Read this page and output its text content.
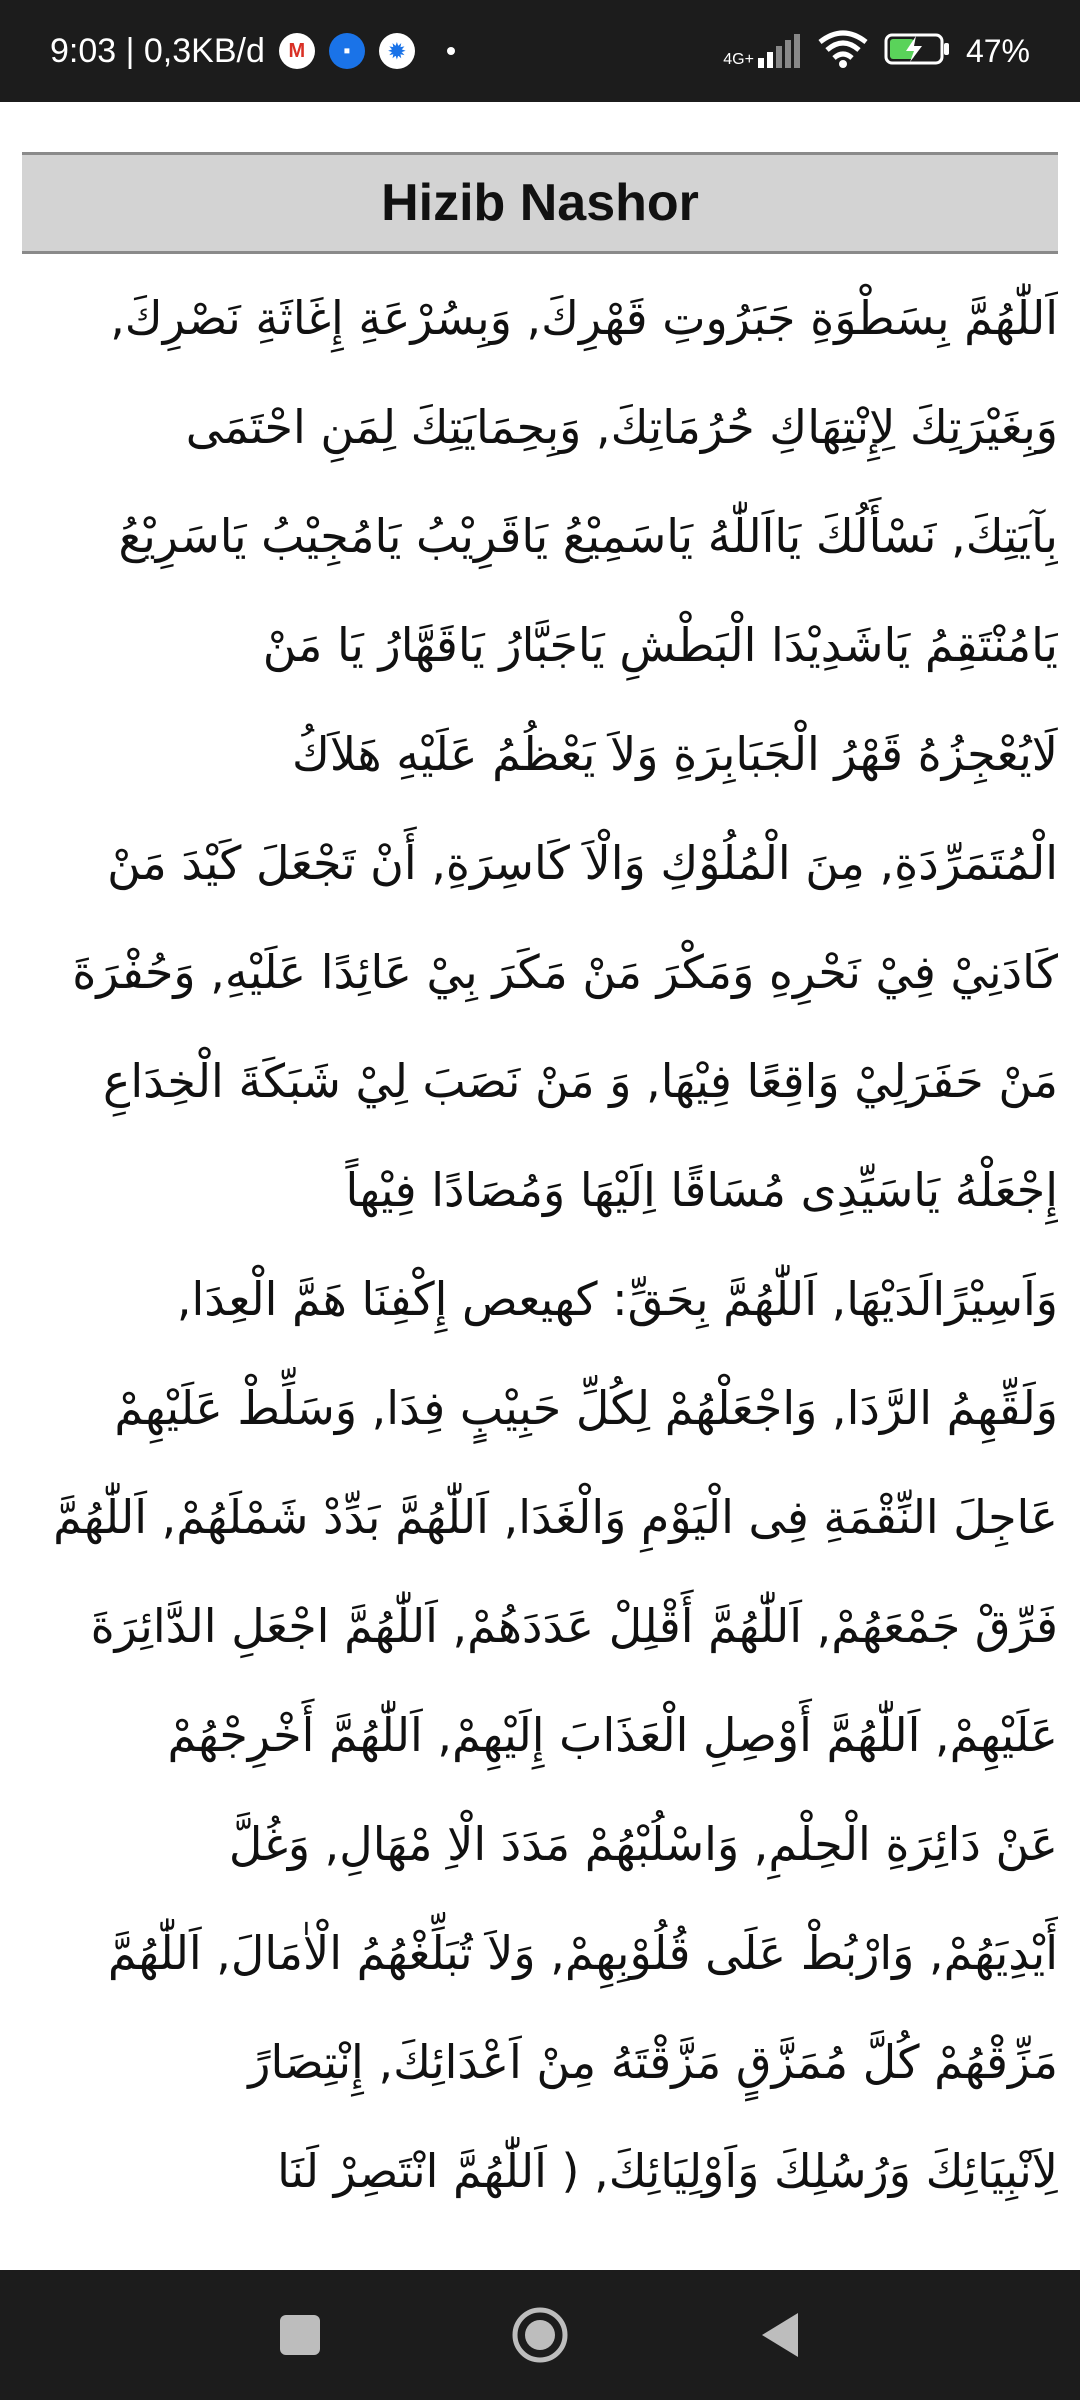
9:03 | 0,3KB/d	M	▪	✹	4G+	47%
Hizib Nashor
اَللّٰهُمَّ بِسَطْوَةِ جَبَرُوتِ قَهْرِكَ, وَبِسُرْعَةِ إِغَاثَةِ نَصْرِكَ,
وَبِغَيْرَتِكَ لِإِنْتِهَاكِ حُرُمَاتِكَ, وَبِحِمَايَتِكَ لِمَنِ احْتَمَى
بِآيَتِكَ, نَسْأَلُكَ يَااَللّٰهُ يَاسَمِيْعُ يَاقَرِيْبُ يَامُجِيْبُ يَاسَرِيْعُ
يَامُنْتَقِمُ يَاشَدِيْدَا الْبَطْشِ يَاجَبَّارُ يَاقَهَّارُ يَا مَنْ
لَايُعْجِزُهُ قَهْرُ الْجَبَابِرَةِ وَلاَ يَعْظُمُ عَلَيْهِ هَلاَكُ
الْمُتَمَرِّدَةِ, مِنَ الْمُلُوْكِ وَالْاَ كَاسِرَةِ, أَنْ تَجْعَلَ كَيْدَ مَنْ
كَادَنِيْ فِيْ نَحْرِهِ وَمَكْرَ مَنْ مَكَرَ بِيْ عَائِدًا عَلَيْهِ, وَحُفْرَةَ
مَنْ حَفَرَلِيْ وَاقِعًا فِيْهَا, وَ مَنْ نَصَبَ لِيْ شَبَكَةَ الْخِدَاعِ
إِجْعَلْهُ يَاسَيِّدِى مُسَاقًا اِلَيْهَا وَمُصَادًا فِيْهاً
وَاَسِيْرًالَدَيْهَا, اَللّٰهُمَّ بِحَقِّ: كهيعص إِكْفِنَا هَمَّ الْعِدَا,
وَلَقِّهِمُ الرَّدَا, وَاجْعَلْهُمْ لِكُلِّ حَبِيْبٍ فِدَا, وَسَلِّطْ عَلَيْهِمْ
عَاجِلَ النِّقْمَةِ فِى الْيَوْمِ وَالْغَدَا, اَللّٰهُمَّ بَدِّدْ شَمْلَهُمْ, اَللّٰهُمَّ
فَرِّقْ جَمْعَهُمْ, اَللّٰهُمَّ أَقْلِلْ عَدَدَهُمْ, اَللّٰهُمَّ اجْعَلِ الدَّائِرَةَ
عَلَيْهِمْ, اَللّٰهُمَّ أَوْصِلِ الْعَذَابَ إِلَيْهِمْ, اَللّٰهُمَّ أَخْرِجْهُمْ
عَنْ دَائِرَةِ الْحِلْمِ, وَاسْلُبْهُمْ مَدَدَ الْاِ مْهَالِ, وَغُلَّ
أَيْدِيَهُمْ, وَارْبُطْ عَلَى قُلُوْبِهِمْ, وَلاَ تُبَلِّغْهُمُ الْاٰمَالَ, اَللّٰهُمَّ
مَزِّقْهُمْ كُلَّ مُمَزَّقٍ مَزَّقْتَهُ مِنْ اَعْدَائِكَ, إِنْتِصَارً
لِاَنْبِيَائِكَ وَرُسُلِكَ وَاَوْلِيَائِكَ, ( اَللّٰهُمَّ انْتَصِرْ لَنَا
